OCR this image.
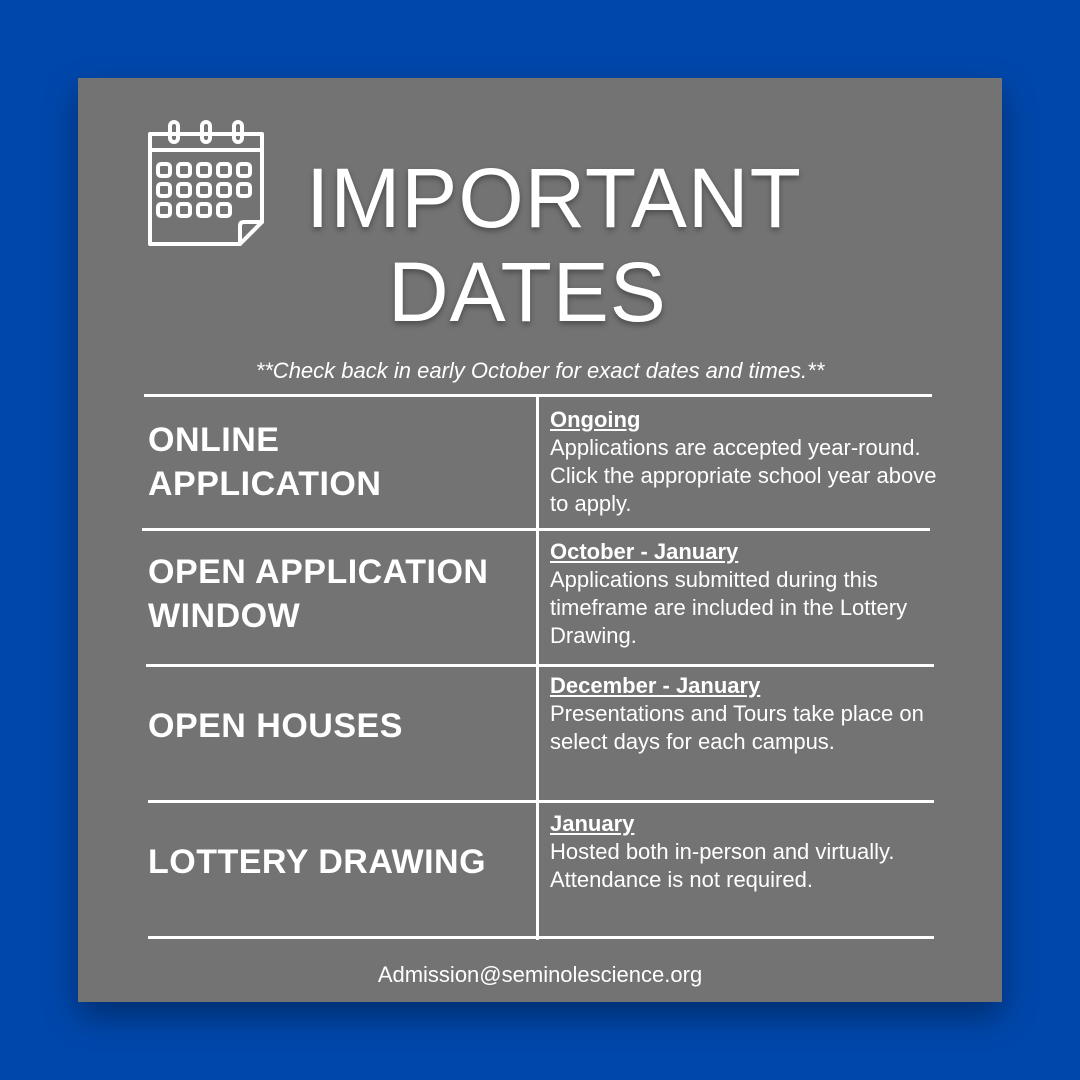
IMPORTANT
DATES
**Check back in early October for exact dates and times.**
ONLINE
APPLICATION
Ongoing
Applications are accepted year-round. Click the appropriate school year above to apply.
OPEN APPLICATION
WINDOW
October - January
Applications submitted during this timeframe are included in the Lottery Drawing.
OPEN HOUSES
December - January
Presentations and Tours take place on select days for each campus.
LOTTERY DRAWING
January
Hosted both in-person and virtually. Attendance is not required.
Admission@seminolescience.org
